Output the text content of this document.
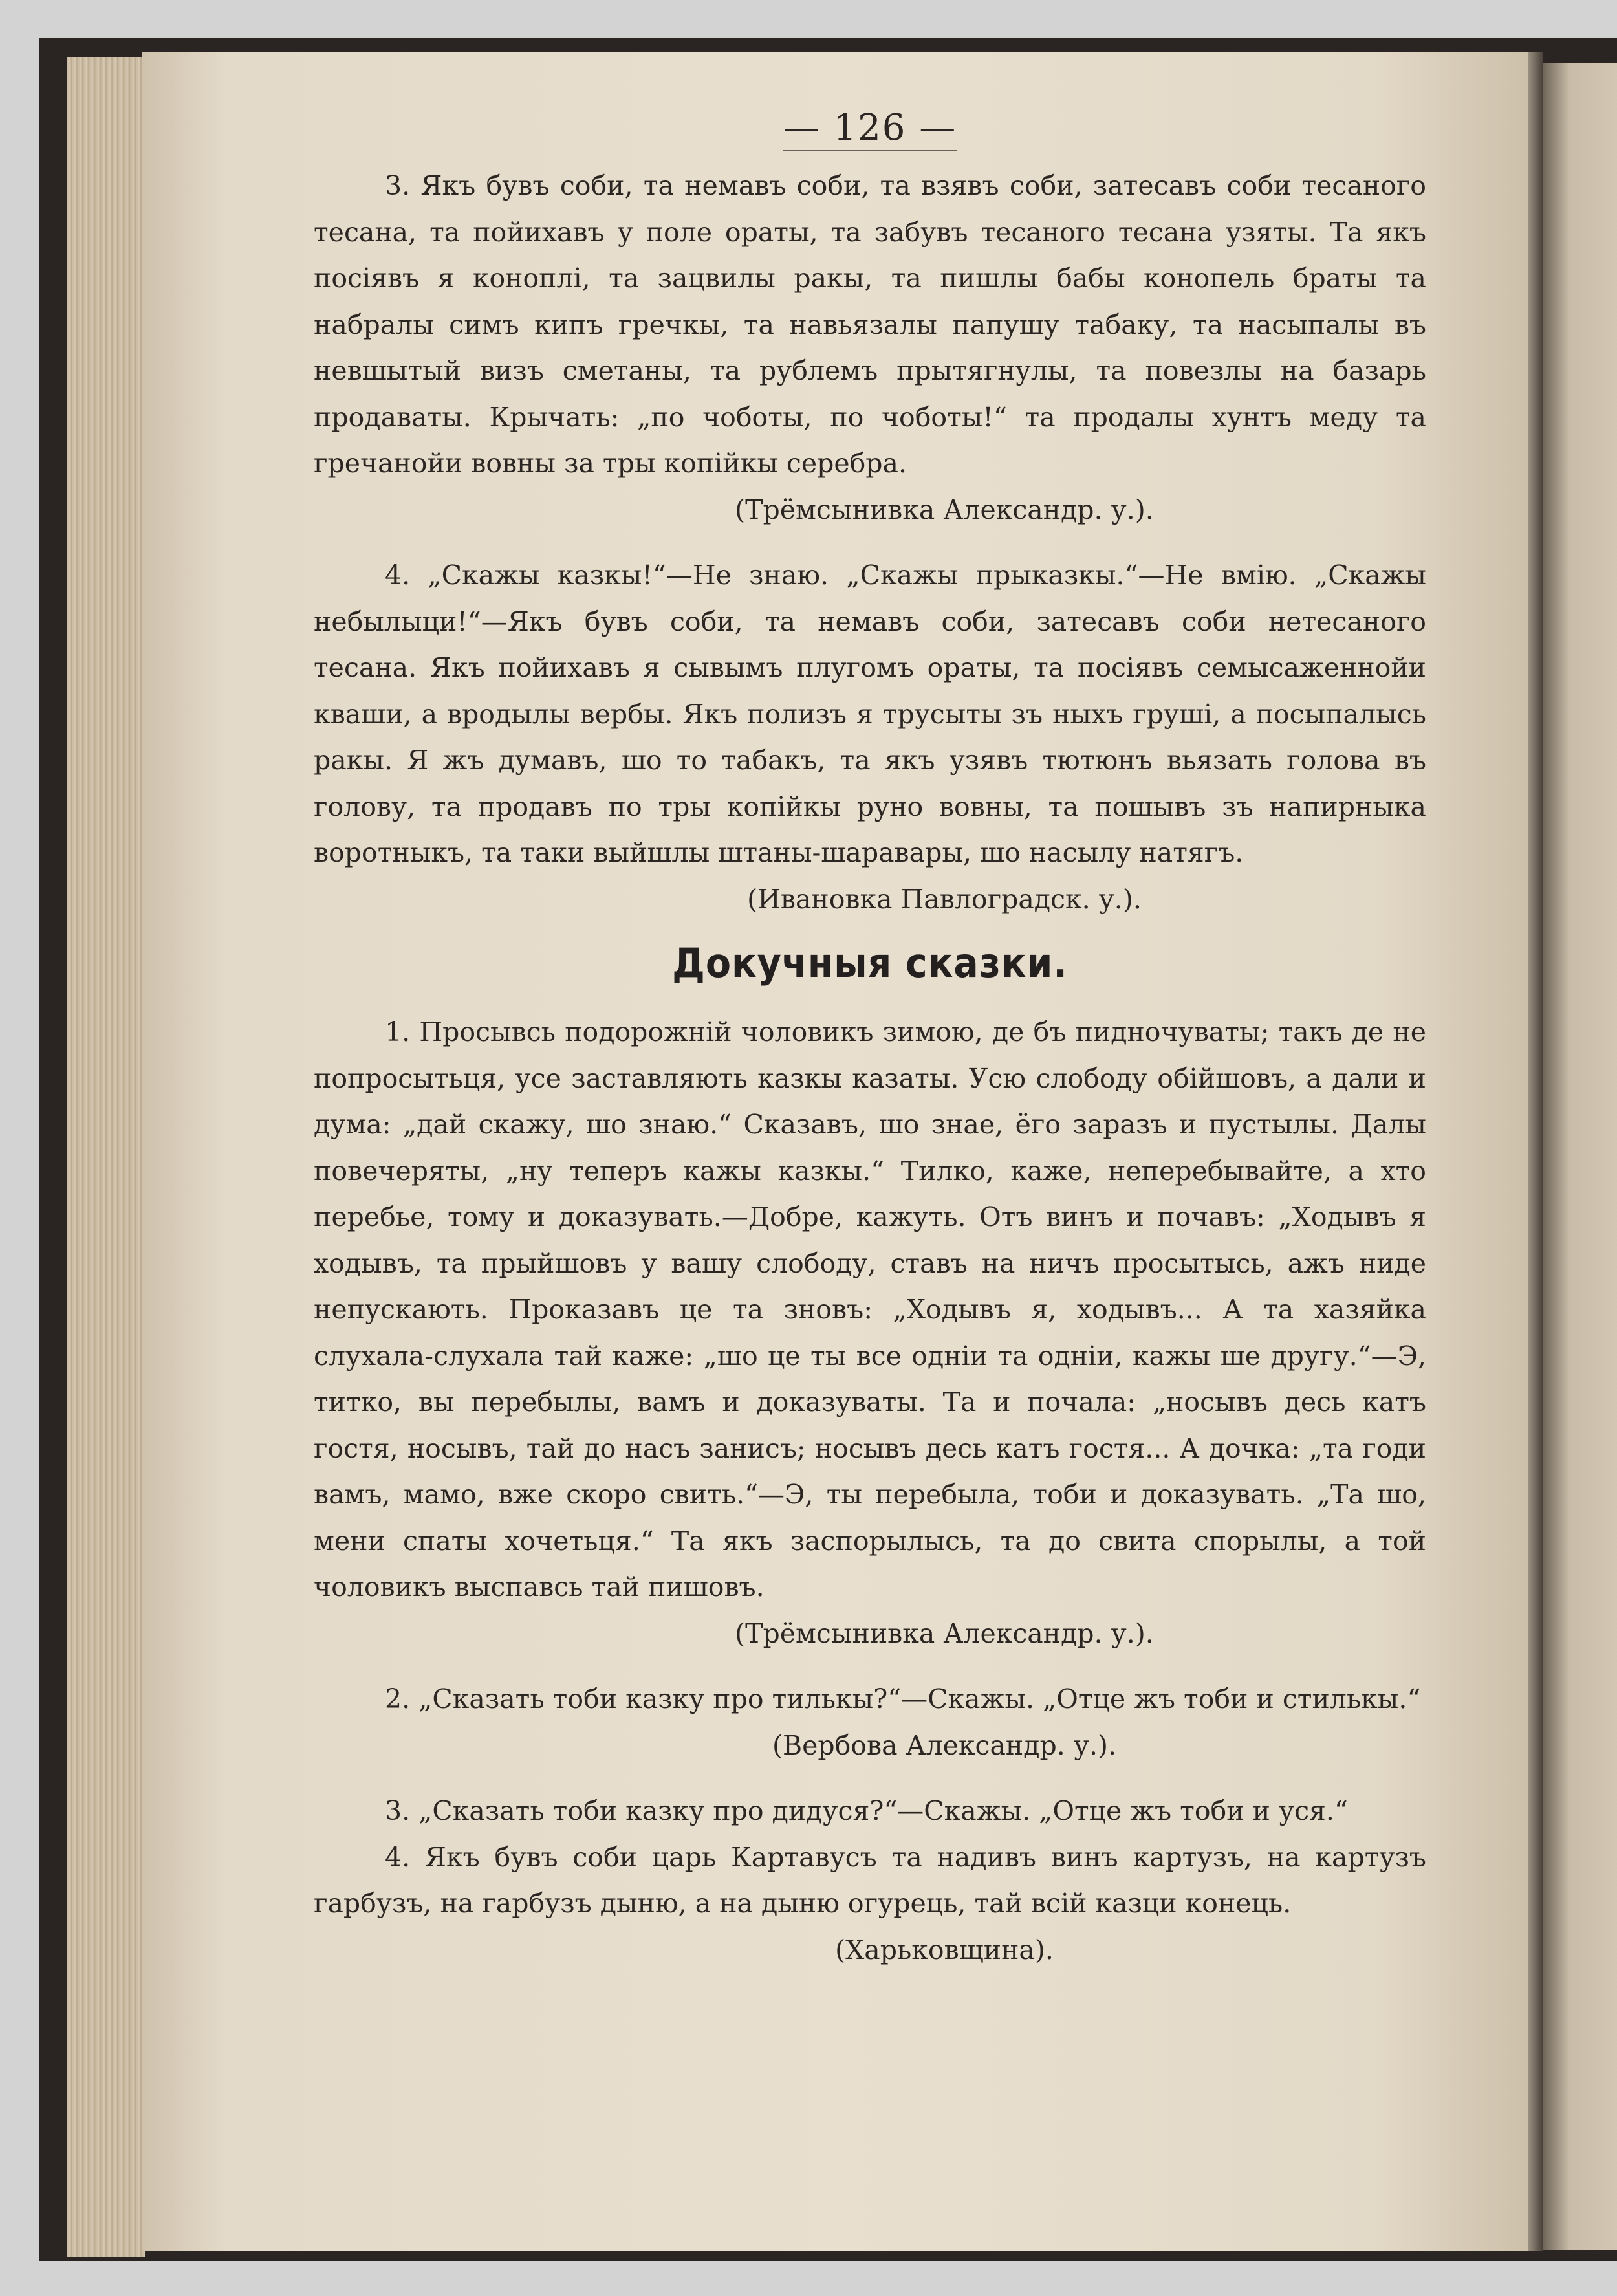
— 126 —

3. Якъ бувъ соби, та немавъ соби, та взявъ соби, затесавъ соби тесаного тесана, та пойихавъ у поле ораты, та забувъ тесаного тесана узяты. Та якъ посiявъ я коноплi, та зацвилы ракы, та пишлы бабы конопель браты та набралы симъ кипъ гречкы, та навьязалы папушу табаку, та насыпалы въ невшытый визъ сметаны, та рублемъ прытягнулы, та повезлы на базарь продаваты. Крычать: „по чоботы, по чоботы!“ та продалы хунтъ меду та гречанойи вовны за тры копiйкы серебра.

(Трёмсынивка Александр. у.).

4. „Скажы казкы!“—Не знаю. „Скажы прыказкы.“—Не вмiю. „Скажы небылыци!“—Якъ бувъ соби, та немавъ соби, затесавъ соби нетесаного тесана. Якъ пойихавъ я сывымъ плугомъ ораты, та посiявъ семысаженнойи кваши, а вродылы вербы. Якъ полизъ я трусыты зъ ныхъ грушi, а посыпалысь ракы. Я жъ думавъ, шо то табакъ, та якъ узявъ тютюнъ вьязать голова въ голову, та продавъ по тры копiйкы руно вовны, та пошывъ зъ напирныка воротныкъ, та таки выйшлы штаны-шаравары, шо насылу натягъ.

(Ивановка Павлоградск. у.).

Докучныя сказки.

1. Просывсь подорожнiй чоловикъ зимою, де бъ пидночуваты; такъ де не попросытьця, усе заставляють казкы казаты. Усю слободу обiйшовъ, а дали и дума: „дай скажу, шо знаю.“ Сказавъ, шо знае, ёго заразъ и пустылы. Далы повечеряты, „ну теперъ кажы казкы.“ Тилко, каже, неперебывайте, а хто перебье, тому и доказувать.—Добре, кажуть. Отъ винъ и почавъ: „Ходывъ я ходывъ, та прыйшовъ у вашу слободу, ставъ на ничъ просытысь, ажъ ниде непускають. Проказавъ це та зновъ: „Ходывъ я, ходывъ... А та хазяйка слухала-слухала тай каже: „шо це ты все однiи та однiи, кажы ше другу.“—Э, титко, вы перебылы, вамъ и доказуваты. Та и почала: „носывъ десь катъ гостя, носывъ, тай до насъ занисъ; носывъ десь катъ гостя... А дочка: „та годи вамъ, мамо, вже скоро свить.“—Э, ты перебыла, тоби и доказувать. „Та шо, мени спаты хочетьця.“ Та якъ заспорылысь, та до свита спорылы, а той чоловикъ выспавсь тай пишовъ.

(Трёмсынивка Александр. у.).

2. „Сказать тоби казку про тилькы?“—Скажы. „Отце жъ тоби и стилькы.“

(Вербова Александр. у.).

3. „Сказать тоби казку про дидуся?“—Скажы. „Отце жъ тоби и уся.“

4. Якъ бувъ соби царь Картавусъ та надивъ винъ картузъ, на картузъ гарбузъ, на гарбузъ дыню, а на дыню огурець, тай всiй казци конець.

(Харьковщина).
